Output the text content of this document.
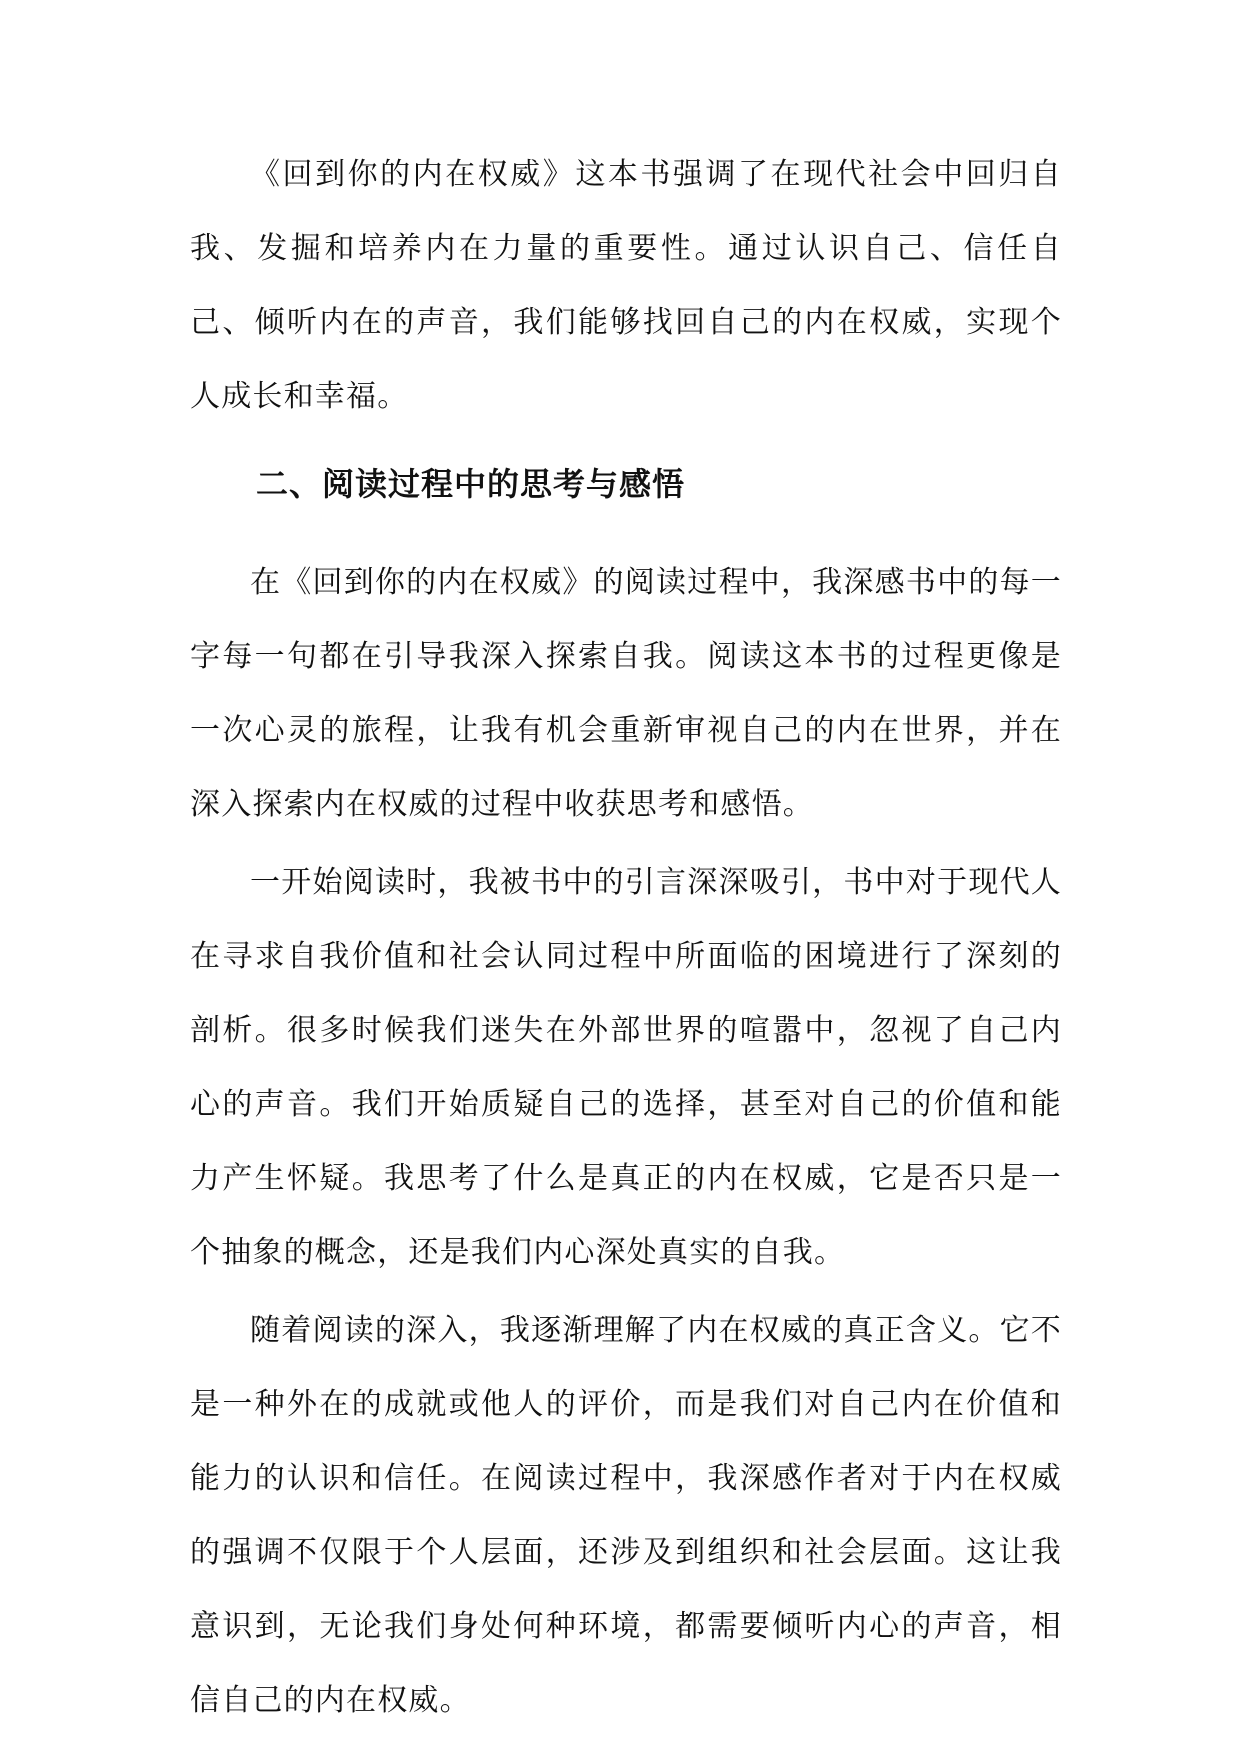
《回到你的内在权威》这本书强调了在现代社会中回归自我、发掘和培养内在力量的重要性。通过认识自己、信任自己、倾听内在的声音，我们能够找回自己的内在权威，实现个人成长和幸福。

二、阅读过程中的思考与感悟

在《回到你的内在权威》的阅读过程中，我深感书中的每一字每一句都在引导我深入探索自我。阅读这本书的过程更像是一次心灵的旅程，让我有机会重新审视自己的内在世界，并在深入探索内在权威的过程中收获思考和感悟。

一开始阅读时，我被书中的引言深深吸引，书中对于现代人在寻求自我价值和社会认同过程中所面临的困境进行了深刻的剖析。很多时候我们迷失在外部世界的喧嚣中，忽视了自己内心的声音。我们开始质疑自己的选择，甚至对自己的价值和能力产生怀疑。我思考了什么是真正的内在权威，它是否只是一个抽象的概念，还是我们内心深处真实的自我。

随着阅读的深入，我逐渐理解了内在权威的真正含义。它不是一种外在的成就或他人的评价，而是我们对自己内在价值和能力的认识和信任。在阅读过程中，我深感作者对于内在权威的强调不仅限于个人层面，还涉及到组织和社会层面。这让我意识到，无论我们身处何种环境，都需要倾听内心的声音，相信自己的内在权威。
